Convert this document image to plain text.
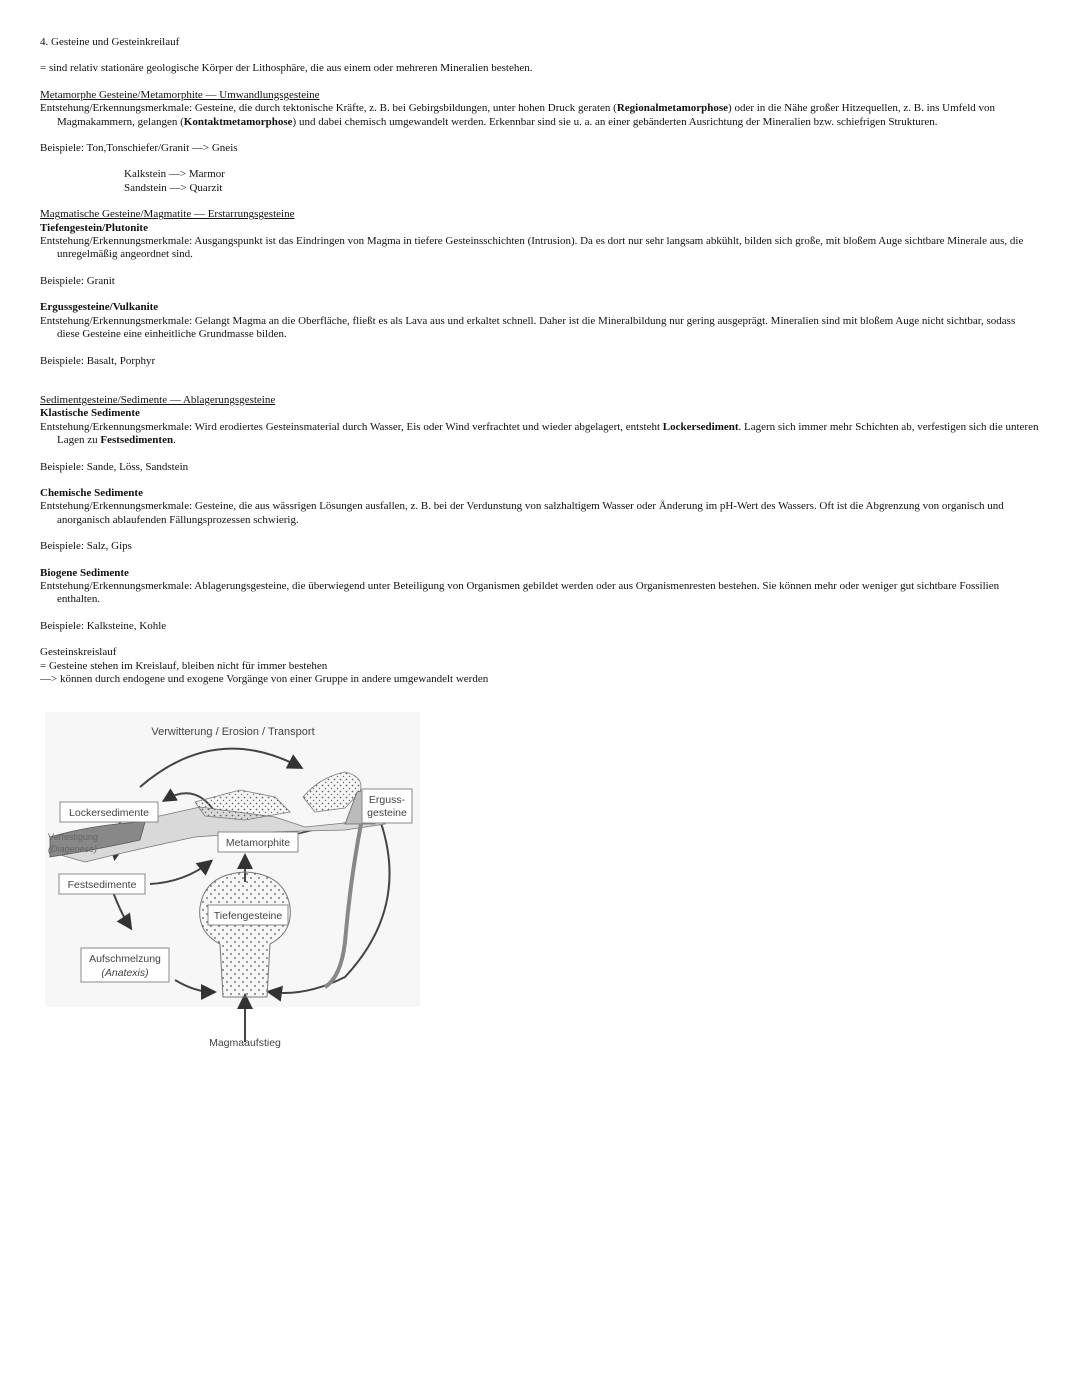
4. Gesteine und Gesteinkreilauf

= sind relativ stationäre geologische Körper der Lithosphäre, die aus einem oder mehreren Mineralien bestehen.

Metamorphe Gesteine/Metamorphite — Umwandlungsgesteine

Entstehung/Erkennungsmerkmale: Gesteine, die durch tektonische Kräfte, z. B. bei Gebirgsbildungen, unter hohen Druck geraten (Regionalmetamorphose) oder in die Nähe großer Hitzequellen, z. B. ins Umfeld von Magmakammern, gelangen (Kontaktmetamorphose) und dabei chemisch umgewandelt werden. Erkennbar sind sie u. a. an einer gebänderten Ausrichtung der Mineralien bzw. schiefrigen Strukturen.

Beispiele: Ton,Tonschiefer/Granit —> Gneis

Kalkstein —> Marmor

Sandstein —> Quarzit

Magmatische Gesteine/Magmatite — Erstarrungsgesteine

Tiefengestein/Plutonite

Entstehung/Erkennungsmerkmale: Ausgangspunkt ist das Eindringen von Magma in tiefere Gesteinsschichten (Intrusion). Da es dort nur sehr langsam abkühlt, bilden sich große, mit bloßem Auge sichtbare Minerale aus, die unregelmäßig angeordnet sind.

Beispiele: Granit

Ergussgesteine/Vulkanite

Entstehung/Erkennungsmerkmale: Gelangt Magma an die Oberfläche, fließt es als Lava aus und erkaltet schnell. Daher ist die Mineralbildung nur gering ausgeprägt. Mineralien sind mit bloßem Auge nicht sichtbar, sodass diese Gesteine eine einheitliche Grundmasse bilden.

Beispiele: Basalt, Porphyr

Sedimentgesteine/Sedimente — Ablagerungsgesteine

Klastische Sedimente

Entstehung/Erkennungsmerkmale: Wird erodiertes Gesteinsmaterial durch Wasser, Eis oder Wind verfrachtet und wieder abgelagert, entsteht Lockersediment. Lagern sich immer mehr Schichten ab, verfestigen sich die unteren Lagen zu Festsedimenten.

Beispiele: Sande, Löss, Sandstein

Chemische Sedimente

Entstehung/Erkennungsmerkmale: Gesteine, die aus wässrigen Lösungen ausfallen, z. B. bei der Verdunstung von salzhaltigem Wasser oder Änderung im pH-Wert des Wassers. Oft ist die Abgrenzung von organisch und anorganisch ablaufenden Fällungsprozessen schwierig.

Beispiele: Salz, Gips

Biogene Sedimente

Entstehung/Erkennungsmerkmale: Ablagerungsgesteine, die überwiegend unter Beteiligung von Organismen gebildet werden oder aus Organismenresten bestehen. Sie können mehr oder weniger gut sichtbare Fossilien enthalten.

Beispiele: Kalksteine, Kohle

Gesteinskreislauf

= Gesteine stehen im Kreislauf, bleiben nicht für immer bestehen

—> können durch endogene und exogene Vorgänge von einer Gruppe in andere umgewandelt werden

Verwitterung / Erosion / Transport
Lockersedimente
Verfestigung
(Diagenese)
Festsedimente
Metamorphite
Tiefengesteine
Erguss-
gesteine
Aufschmelzung
(Anatexis)
Magmaaufstieg
